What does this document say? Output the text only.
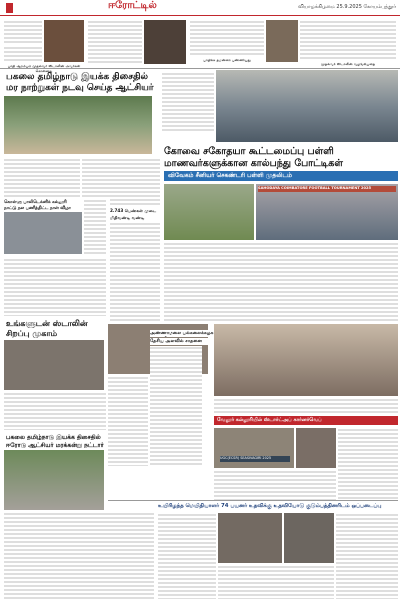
ஈரோட்டில்	வியாழக்கிழமை 25.9.2025 கோயம்புத்தூர்
பாதி ஆரம்பம் முதல்வர் ஸ்டாலின் அவர்கள் சொன்னது
பாதிக்க தமன்னா பண்ணியது
முதல்வர் ஸ்டாலின் வழங்கியதை
பகலை தமிழ்நாடு இயக்க திசைதில்
மர நாற்றுகள் நடவு செய்த ஆட்சியர்
கொள்ளு பாலிடெக்னிக் கல்லூரி
நாட்டு நல பணித்திட்ட நாள் விழா
உங்களுடன் ஸ்டாலின்
சிறப்பு முகாம்
பகலை தமிழ்நாடு இயக்க திசைதில்
ஈரோடு ஆட்சியர் மரக்கன்று நட்டார்
2.743 பெண்கள் முடை
மிதிவண்டி வண்டி
அண்ணாமலை பல்கலைக்கழக
தேசிய அளவில் சாதனை
கோவை சகோதயா கூட்டமைப்பு பள்ளி
மாணவர்களுக்கான கால்பந்து போட்டிகள்
விவேகம் சீனியர் செகண்டரி பள்ளி முதலிடம்
SAHODAYA COIMBATORE FOOTBALL TOURNAMENT 2025
வேலூர் கல்லூரியில் ஸ்டார்ட்அப் கார்னர்வெப்
UGC(ECSR) SEASIVAGIRI 2025
உயிரிழந்த மெயிதியாளர் 74 பயனர் உதவிக்கு உதவியோடு குடும்பத்தினரிடம் ஒப்படைப்பு
